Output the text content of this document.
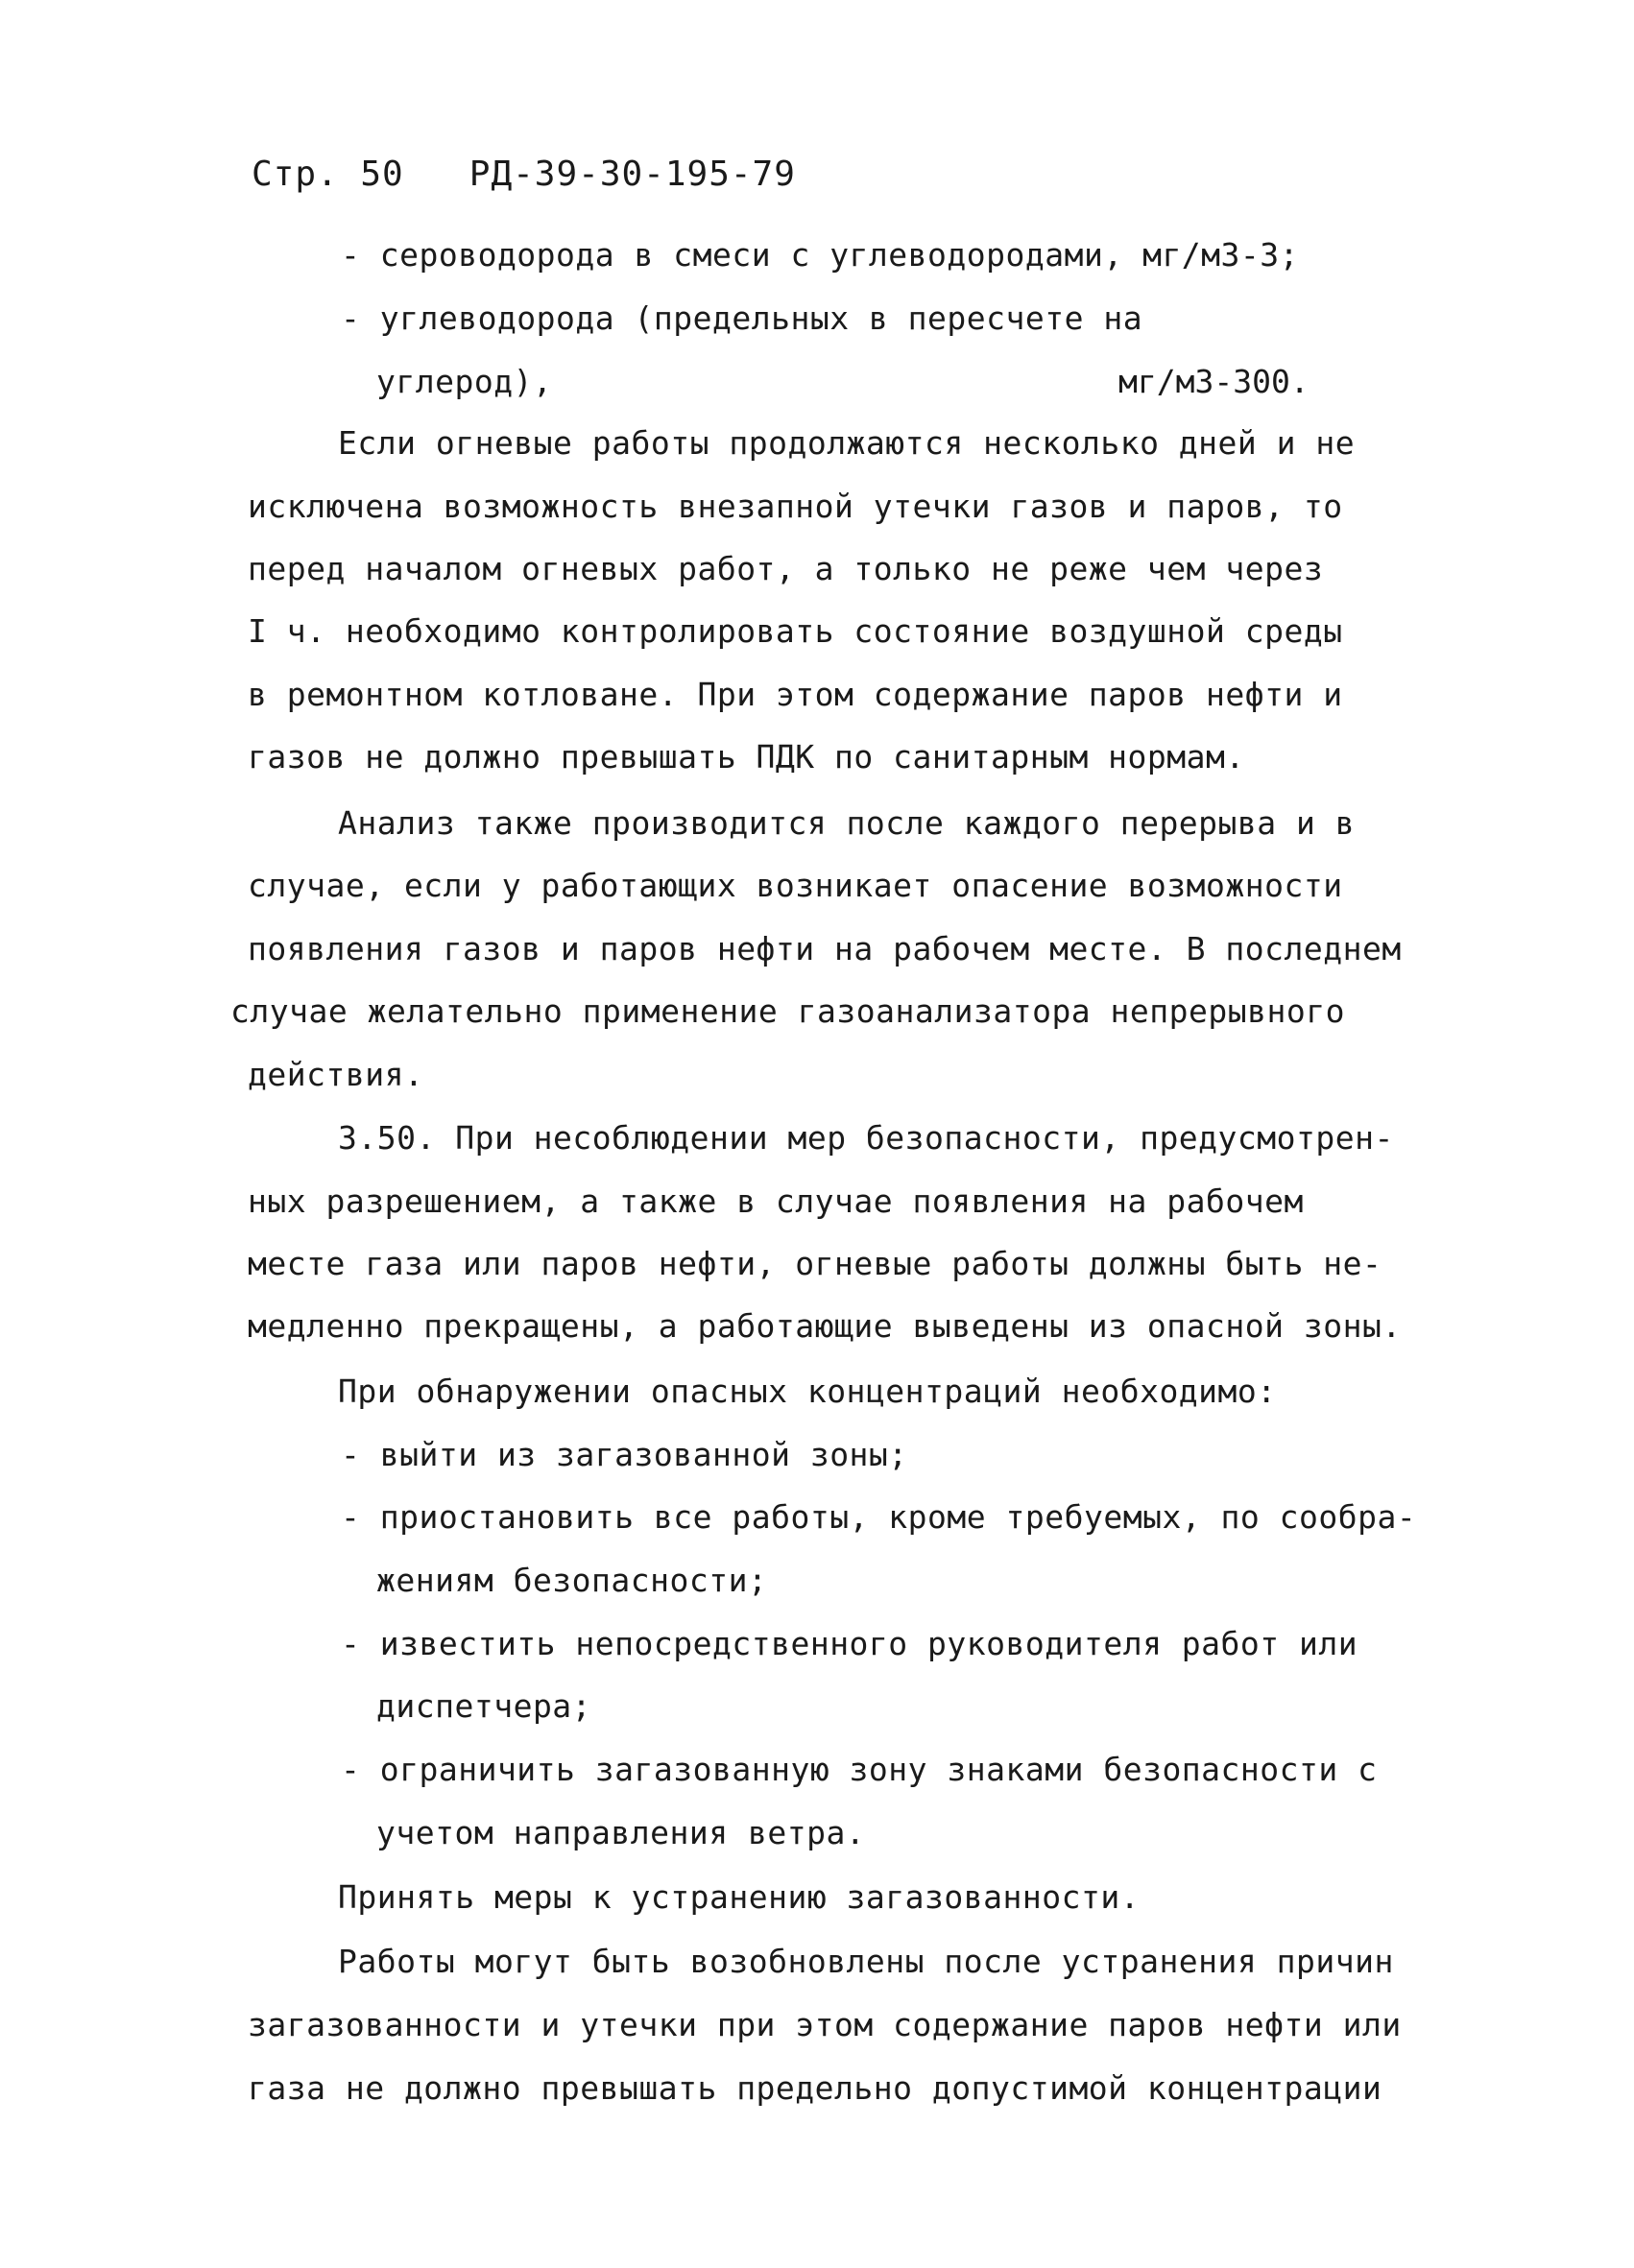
Стр. 50 РД-39-30-195-79
- сероводорода в смеси с углеводородами, мг/м3-3;
- углеводорода (предельных в пересчете на
углерод),	мг/м3-300.
Если огневые работы продолжаются несколько дней и не
исключена возможность внезапной утечки газов и паров, то
перед началом огневых работ, а только не реже чем через
I ч. необходимо контролировать состояние воздушной среды
в ремонтном котловане. При этом содержание паров нефти и
газов не должно превышать ПДК по санитарным нормам.
Анализ также производится после каждого перерыва и в
случае, если у работающих возникает опасение возможности
появления газов и паров нефти на рабочем месте. В последнем
случае желательно применение газоанализатора непрерывного
действия.
3.50. При несоблюдении мер безопасности, предусмотрен-
ных разрешением, а также в случае появления на рабочем
месте газа или паров нефти, огневые работы должны быть не-
медленно прекращены, а работающие выведены из опасной зоны.
При обнаружении опасных концентраций необходимо:
- выйти из загазованной зоны;
- приостановить все работы, кроме требуемых, по сообра-
жениям безопасности;
- известить непосредственного руководителя работ или
диспетчера;
- ограничить загазованную зону знаками безопасности с
учетом направления ветра.
Принять меры к устранению загазованности.
Работы могут быть возобновлены после устранения причин
загазованности и утечки при этом содержание паров нефти или
газа не должно превышать предельно допустимой концентрации
